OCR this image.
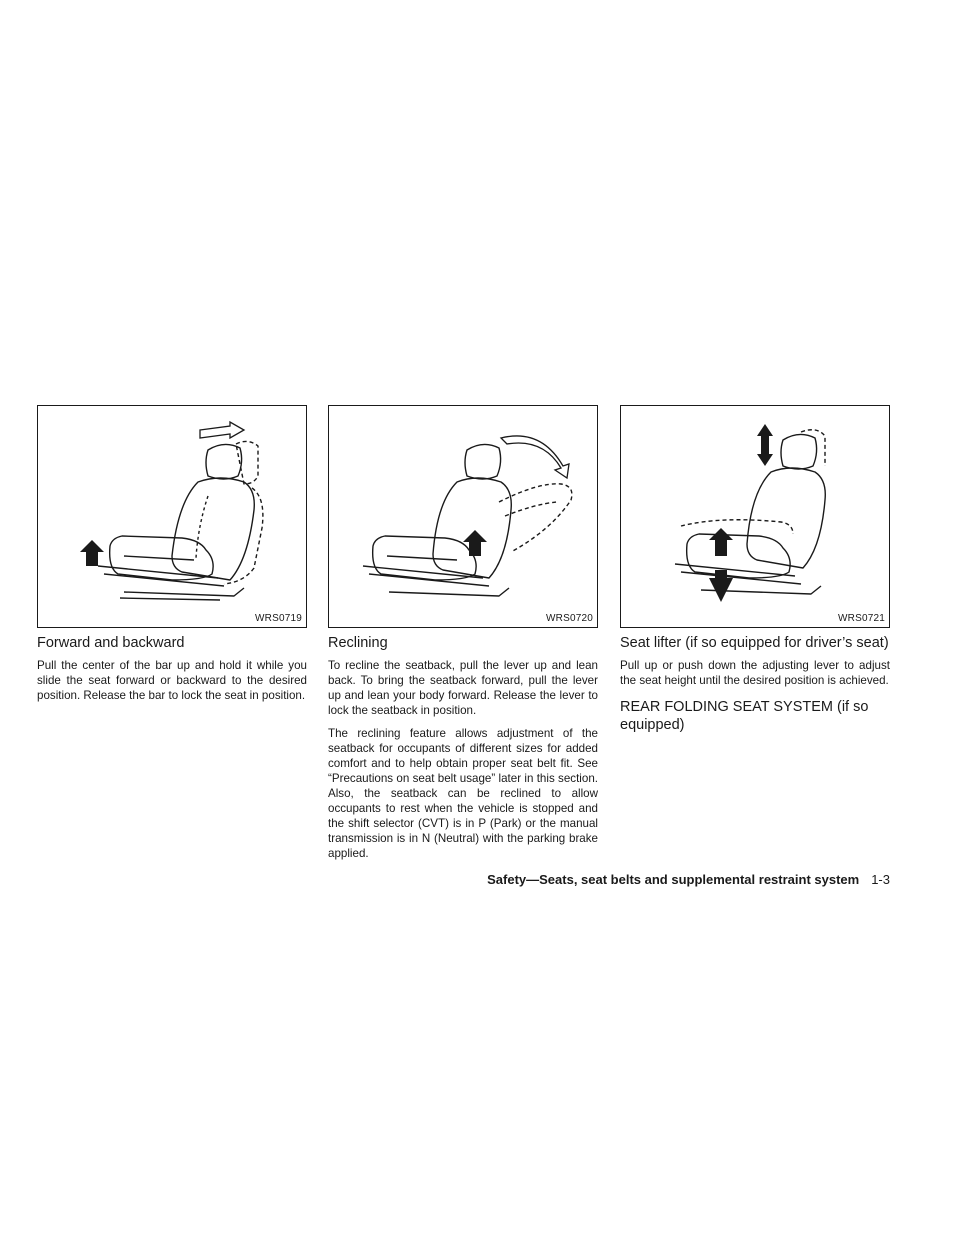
WRS0719
Forward and backward

Pull the center of the bar up and hold it while you slide the seat forward or backward to the desired position. Release the bar to lock the seat in position.

WRS0720
Reclining

To recline the seatback, pull the lever up and lean back. To bring the seatback forward, pull the lever up and lean your body forward. Release the lever to lock the seatback in position.

The reclining feature allows adjustment of the seatback for occupants of different sizes for added comfort and to help obtain proper seat belt fit. See “Precautions on seat belt usage” later in this section. Also, the seatback can be reclined to allow occupants to rest when the vehicle is stopped and the shift selector (CVT) is in P (Park) or the manual transmission is in N (Neutral) with the parking brake applied.

WRS0721
Seat lifter (if so equipped for driver’s seat)

Pull up or push down the adjusting lever to adjust the seat height until the desired position is achieved.

REAR FOLDING SEAT SYSTEM (if so equipped)
Safety—Seats, seat belts and supplemental restraint system 1-3
